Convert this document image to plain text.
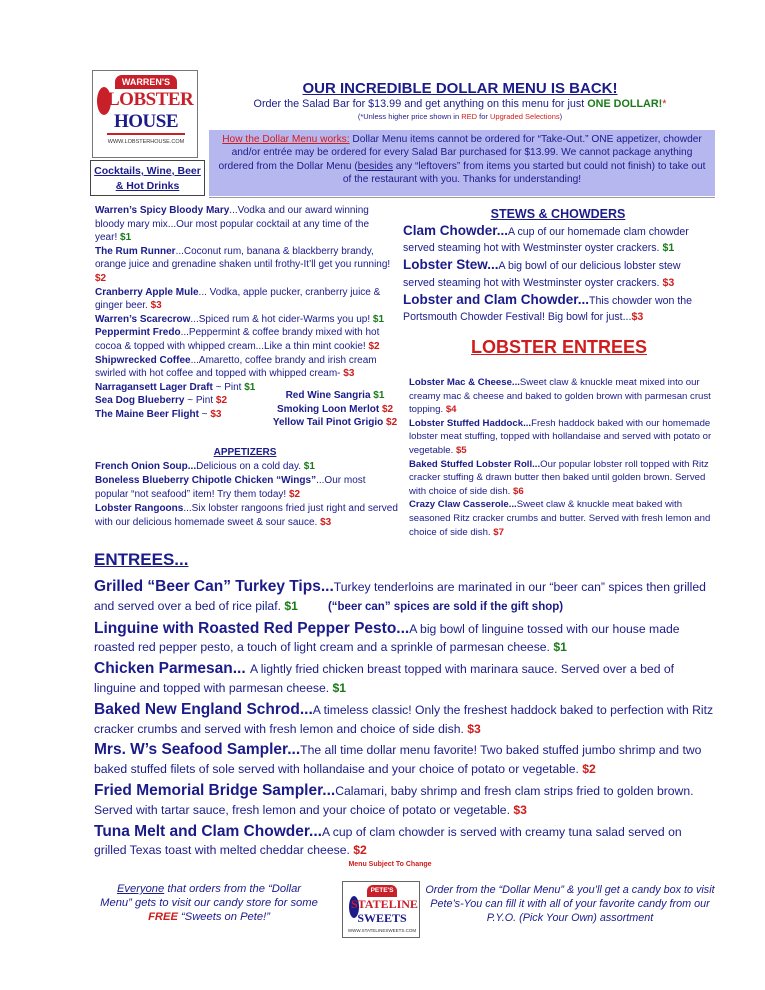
WARREN'S
LOBSTER
HOUSE
WWW.LOBSTERHOUSE.COM
Cocktails, Wine, Beer
& Hot Drinks
OUR INCREDIBLE DOLLAR MENU IS BACK!
Order the Salad Bar for $13.99 and get anything on this menu for just ONE DOLLAR!*
(*Unless higher price shown in RED for Upgraded Selections)
How the Dollar Menu works: Dollar Menu items cannot be ordered for “Take-Out.” ONE appetizer, chowder and/or entrée may be ordered for every Salad Bar purchased for $13.99. We cannot package anything ordered from the Dollar Menu (besides any “leftovers” from items you started but could not finish) to take out of the restaurant with you. Thanks for understanding!

Warren’s Spicy Bloody Mary...Vodka and our award winning bloody mary mix...Our most popular cocktail at any time of the year! $1

The Rum Runner...Coconut rum, banana & blackberry brandy, orange juice and grenadine shaken until frothy-It’ll get you running! $2

Cranberry Apple Mule... Vodka, apple pucker, cranberry juice & ginger beer. $3

Warren’s Scarecrow...Spiced rum & hot cider-Warms you up! $1

Peppermint Fredo...Peppermint & coffee brandy mixed with hot cocoa & topped with whipped cream...Like a thin mint cookie! $2

Shipwrecked Coffee...Amaretto, coffee brandy and irish cream swirled with hot coffee and topped with whipped cream- $3

Narragansett Lager Draft ~ Pint $1

Sea Dog Blueberry ~ Pint $2

The Maine Beer Flight ~ $3

Red Wine Sangria $1
Smoking Loon Merlot $2
Yellow Tail Pinot Grigio $2
APPETIZERS

French Onion Soup...Delicious on a cold day. $1

Boneless Blueberry Chipotle Chicken “Wings”...Our most popular “not seafood” item! Try them today! $2

Lobster Rangoons...Six lobster rangoons fried just right and served with our delicious homemade sweet & sour sauce. $3

STEWS & CHOWDERS

Clam Chowder...A cup of our homemade clam chowder served steaming hot with Westminster oyster crackers. $1

Lobster Stew...A big bowl of our delicious lobster stew served steaming hot with Westminster oyster crackers. $3

Lobster and Clam Chowder...This chowder won the Portsmouth Chowder Festival! Big bowl for just...$3

LOBSTER ENTREES

Lobster Mac & Cheese...Sweet claw & knuckle meat mixed into our creamy mac & cheese and baked to golden brown with parmesan crust topping. $4

Lobster Stuffed Haddock...Fresh haddock baked with our homemade lobster meat stuffing, topped with hollandaise and served with potato or vegetable. $5

Baked Stuffed Lobster Roll...Our popular lobster roll topped with Ritz cracker stuffing & drawn butter then baked until golden brown. Served with choice of side dish. $6

Crazy Claw Casserole...Sweet claw & knuckle meat baked with seasoned Ritz cracker crumbs and butter. Served with fresh lemon and choice of side dish. $7

ENTREES...

Grilled “Beer Can” Turkey Tips...Turkey tenderloins are marinated in our “beer can” spices then grilled and served over a bed of rice pilaf. $1	(“beer can” spices are sold if the gift shop)

Linguine with Roasted Red Pepper Pesto...A big bowl of linguine tossed with our house made roasted red pepper pesto, a touch of light cream and a sprinkle of parmesan cheese. $1

Chicken Parmesan... A lightly fried chicken breast topped with marinara sauce. Served over a bed of linguine and topped with parmesan cheese. $1

Baked New England Schrod...A timeless classic! Only the freshest haddock baked to perfection with Ritz cracker crumbs and served with fresh lemon and choice of side dish. $3

Mrs. W’s Seafood Sampler...The all time dollar menu favorite! Two baked stuffed jumbo shrimp and two baked stuffed filets of sole served with hollandaise and your choice of potato or vegetable. $2

Fried Memorial Bridge Sampler...Calamari, baby shrimp and fresh clam strips fried to golden brown. Served with tartar sauce, fresh lemon and your choice of potato or vegetable. $3

Tuna Melt and Clam Chowder...A cup of clam chowder is served with creamy tuna salad served on grilled Texas toast with melted cheddar cheese. $2

Menu Subject To Change
Everyone that orders from the “Dollar Menu” gets to visit our candy store for some FREE “Sweets on Pete!”
PETE'S
STATELINE
SWEETS
WWW.STATELINESWEETS.COM
Order from the “Dollar Menu” & you’ll get a candy box to visit Pete’s-You can fill it with all of your favorite candy from our P.Y.O. (Pick Your Own) assortment
